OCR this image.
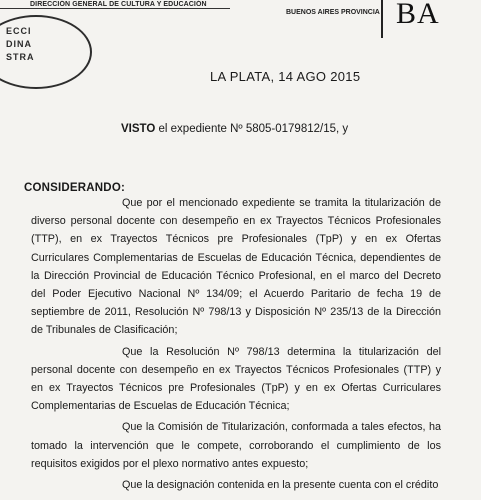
DIRECCIÓN GENERAL DE CULTURA Y EDUCACIÓN
BUENOS AIRES PROVINCIA BA
ECCI
DINA
STRA
LA PLATA, 14 AGO 2015
VISTO el expediente Nº 5805-0179812/15, y
CONSIDERANDO:

Que por el mencionado expediente se tramita la titularización de diverso personal docente con desempeño en ex Trayectos Técnicos Profesionales (TTP), en ex Trayectos Técnicos pre Profesionales (TpP) y en ex Ofertas Curriculares Complementarias de Escuelas de Educación Técnica, dependientes de la Dirección Provincial de Educación Técnico Profesional, en el marco del Decreto del Poder Ejecutivo Nacional Nº 134/09; el Acuerdo Paritario de fecha 19 de septiembre de 2011, Resolución Nº 798/13 y Disposición Nº 235/13 de la Dirección de Tribunales de Clasificación;

Que la Resolución Nº 798/13 determina la titularización del personal docente con desempeño en ex Trayectos Técnicos Profesionales (TTP) y en ex Trayectos Técnicos pre Profesionales (TpP) y en ex Ofertas Curriculares Complementarias de Escuelas de Educación Técnica;

Que la Comisión de Titularización, conformada a tales efectos, ha tomado la intervención que le compete, corroborando el cumplimiento de los requisitos exigidos por el plexo normativo antes expuesto;

Que la designación contenida en la presente cuenta con el crédito
